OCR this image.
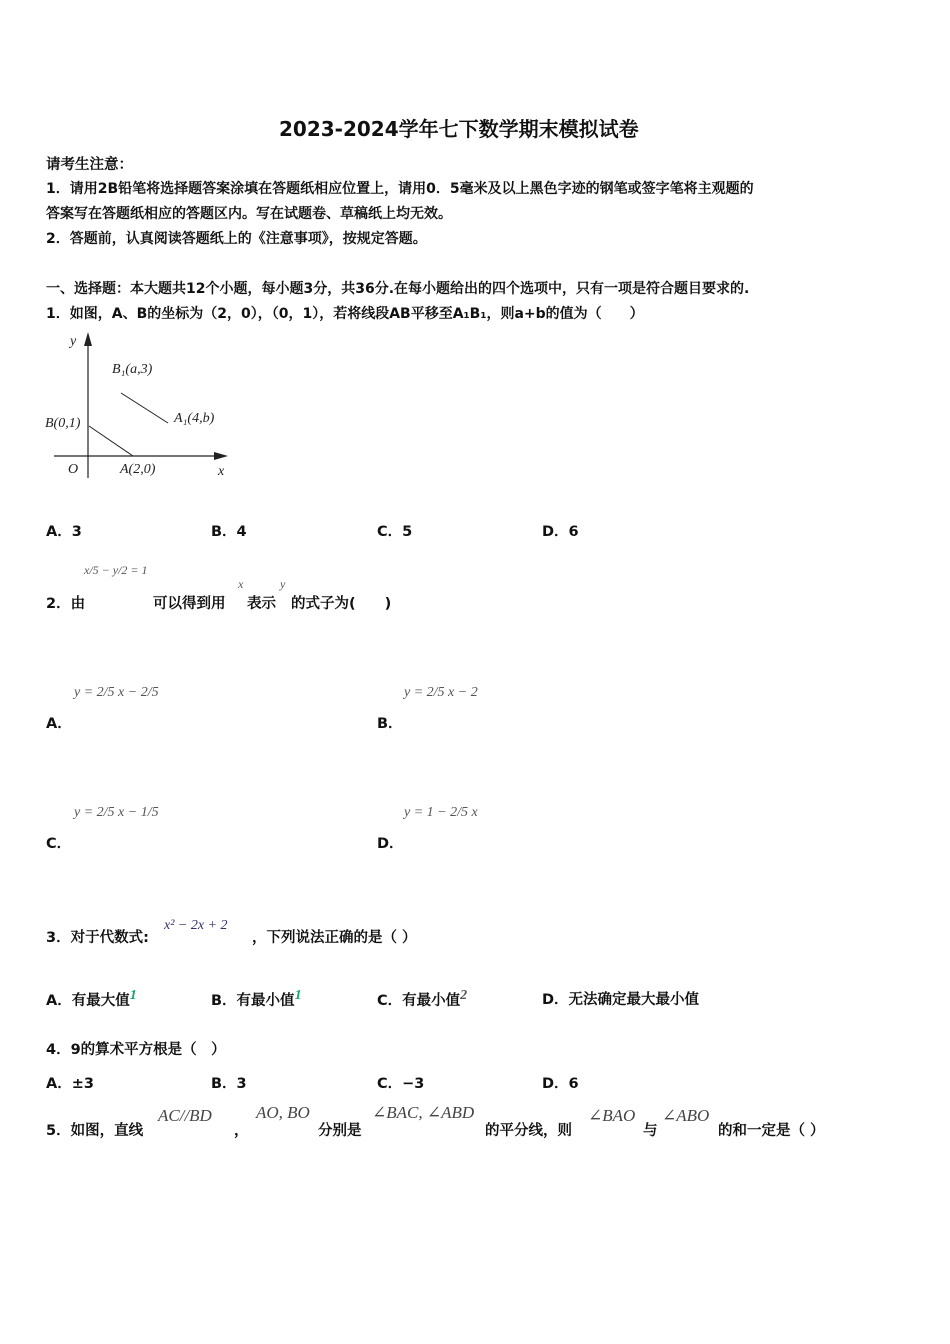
2023-2024学年七下数学期末模拟试卷
请考生注意：
1．请用2B铅笔将选择题答案涂填在答题纸相应位置上，请用0．5毫米及以上黑色字迹的钢笔或签字笔将主观题的
答案写在答题纸相应的答题区内。写在试题卷、草稿纸上均无效。
2．答题前，认真阅读答题纸上的《注意事项》，按规定答题。
一、选择题：本大题共12个小题，每小题3分，共36分.在每小题给出的四个选项中，只有一项是符合题目要求的.
1．如图，A、B的坐标为（2，0），（0，1），若将线段AB平移至A₁B₁，则a+b的值为（　　）
y
x
O
B₁(a,3)
A₁(4,b)
B(0,1)
A(2,0)
A．3	B．4	C．5	D．6
2．由
x/5 − y/2 = 1
可以得到用
x
表示
y
的式子为(　　)
A．
y = 2/5 x − 2/5
B．
y = 2/5 x − 2
C．
y = 2/5 x − 1/5
D．
y = 1 − 2/5 x
3．对于代数式:
x² − 2x + 2
，下列说法正确的是（ ）
A．有最大值$^1$	B．有最小值$^1$	C．有最小值$^2$	D．无法确定最大最小值
4．9的算术平方根是（　）
A．±3	B．3	C．−3	D．6
5．如图，直线
AC//BD
，
AO, BO
分别是
∠BAC, ∠ABD
的平分线，则
∠BAO
与
∠ABO
的和一定是（ ）
